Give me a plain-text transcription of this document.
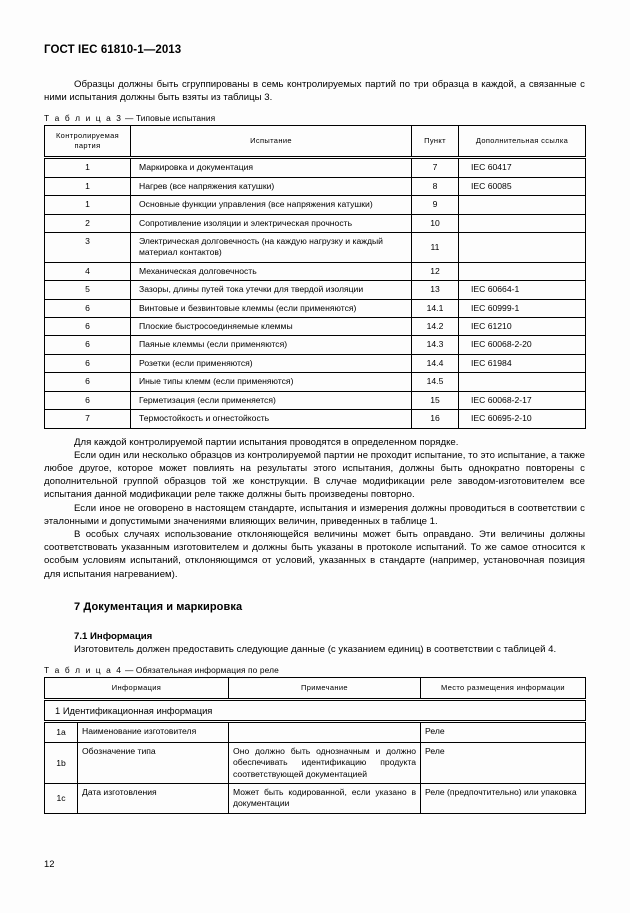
ГОСТ IEC 61810-1—2013

Образцы должны быть сгруппированы в семь контролируемых партий по три образца в каждой, а связанные с ними испытания должны быть взяты из таблицы 3.

Т а б л и ц а 3 — Типовые испытания
Контролируемая партия	Испытание	Пункт	Дополнительная ссылка
1	Маркировка и документация	7	IEC 60417
1	Нагрев (все напряжения катушки)	8	IEC 60085
1	Основные функции управления (все напряжения катушки)	9	
2	Сопротивление изоляции и электрическая прочность	10	
3	Электрическая долговечность (на каждую нагрузку и каждый материал контактов)	11	
4	Механическая долговечность	12	
5	Зазоры, длины путей тока утечки для твердой изоляции	13	IEC 60664-1
6	Винтовые и безвинтовые клеммы (если применяются)	14.1	IEC 60999-1
6	Плоские быстросоединяемые клеммы	14.2	IEC 61210
6	Паяные клеммы (если применяются)	14.3	IEC 60068-2-20
6	Розетки (если применяются)	14.4	IEC 61984
6	Иные типы клемм (если применяются)	14.5	
6	Герметизация (если применяется)	15	IEC 60068-2-17
7	Термостойкость и огнестойкость	16	IEC 60695-2-10

Для каждой контролируемой партии испытания проводятся в определенном порядке.

Если один или несколько образцов из контролируемой партии не проходит испытание, то это испытание, а также любое другое, которое может повлиять на результаты этого испытания, должны быть однократно повторены с дополнительной группой образцов той же конструкции. В случае модификации реле заводом-изготовителем все испытания данной модификации реле также должны быть произведены повторно.

Если иное не оговорено в настоящем стандарте, испытания и измерения должны проводиться в соответствии с эталонными и допустимыми значениями влияющих величин, приведенных в таблице 1.

В особых случаях использование отклоняющейся величины может быть оправдано. Эти величины должны соответствовать указанным изготовителем и должны быть указаны в протоколе испытаний. То же самое относится к особым условиям испытаний, отклоняющимся от условий, указанных в стандарте (например, установочная позиция для испытания нагреванием).

7 Документация и маркировка
7.1 Информация

Изготовитель должен предоставить следующие данные (с указанием единиц) в соответствии с таблицей 4.

Т а б л и ц а 4 — Обязательная информация по реле
Информация		Примечание	Место размещения информации
1 Идентификационная информация			
1a	Наименование изготовителя		Реле
1b	Обозначение типа	Оно должно быть однозначным и должно обеспечивать идентификацию продукта соответствующей документацией	Реле
1c	Дата изготовления	Может быть кодированной, если указано в документации	Реле (предпочтительно) или упаковка
12
